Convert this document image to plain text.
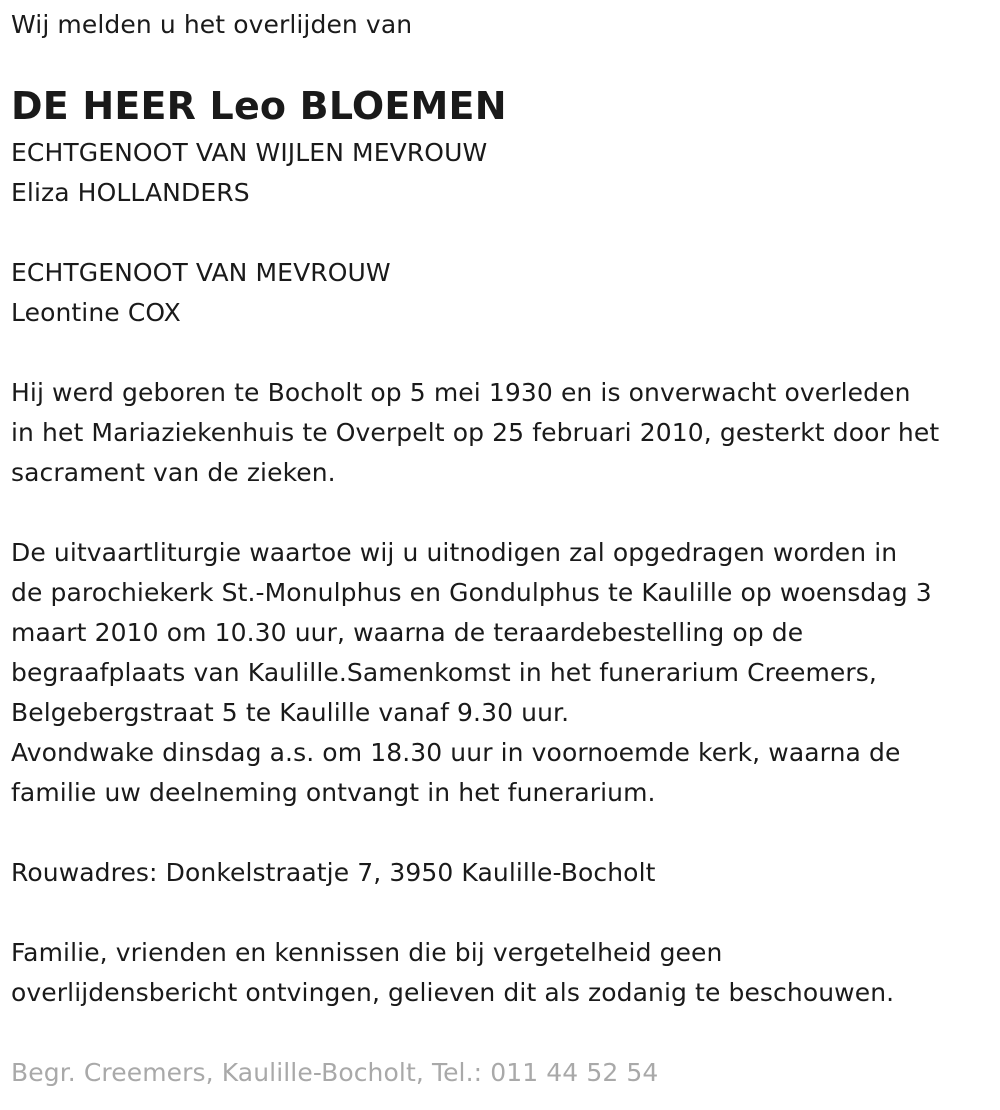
Wij melden u het overlijden van
DE HEER Leo BLOEMEN
ECHTGENOOT VAN WIJLEN MEVROUW
Eliza HOLLANDERS
ECHTGENOOT VAN MEVROUW
Leontine COX
Hij werd geboren te Bocholt op 5 mei 1930 en is onverwacht overleden
in het Mariaziekenhuis te Overpelt op 25 februari 2010, gesterkt door het
sacrament van de zieken.
De uitvaartliturgie waartoe wij u uitnodigen zal opgedragen worden in
de parochiekerk St.-Monulphus en Gondulphus te Kaulille op woensdag 3
maart 2010 om 10.30 uur, waarna de teraardebestelling op de
begraafplaats van Kaulille.Samenkomst in het funerarium Creemers,
Belgebergstraat 5 te Kaulille vanaf 9.30 uur.
Avondwake dinsdag a.s. om 18.30 uur in voornoemde kerk, waarna de
familie uw deelneming ontvangt in het funerarium.
Rouwadres: Donkelstraatje 7, 3950 Kaulille-Bocholt
Familie, vrienden en kennissen die bij vergetelheid geen
overlijdensbericht ontvingen, gelieven dit als zodanig te beschouwen.
Begr. Creemers, Kaulille-Bocholt, Tel.: 011 44 52 54
